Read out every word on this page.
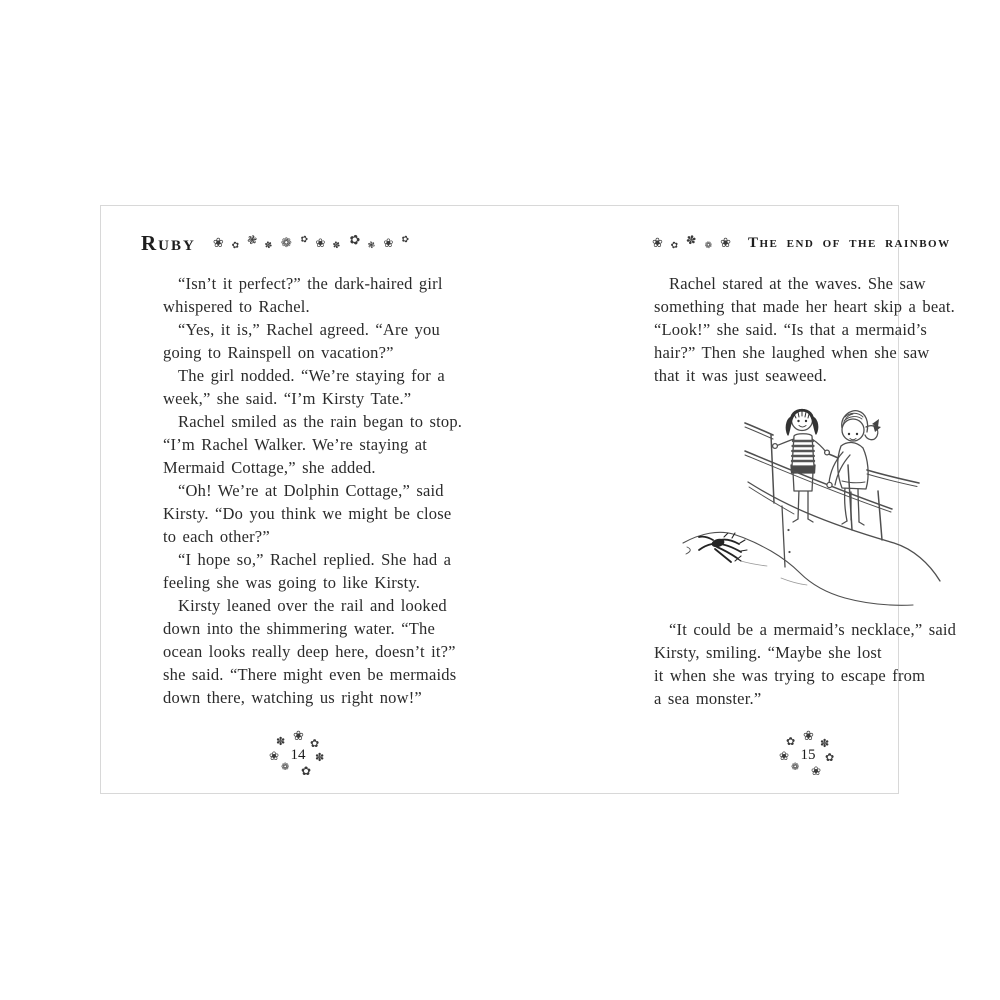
Ruby ❀ ✿ ❃ ✽ ❁ ✿ ❀ ✽ ✿ ❃ ❀ ✿
“Isn’t it perfect?” the dark-haired girl
whispered to Rachel.
“Yes, it is,” Rachel agreed. “Are you
going to Rainspell on vacation?”
The girl nodded. “We’re staying for a
week,” she said. “I’m Kirsty Tate.”
Rachel smiled as the rain began to stop.
“I’m Rachel Walker. We’re staying at
Mermaid Cottage,” she added.
“Oh! We’re at Dolphin Cottage,” said
Kirsty. “Do you think we might be close
to each other?”
“I hope so,” Rachel replied. She had a
feeling she was going to like Kirsty.
Kirsty leaned over the rail and looked
down into the shimmering water. “The
ocean looks really deep here, doesn’t it?”
she said. “There might even be mermaids
down there, watching us right now!”
✽ ❀ ✿
❀	✽
❁ ✿
14
❀ ✿ ✽ ❁ ❀ The end of the rainbow
Rachel stared at the waves. She saw
something that made her heart skip a beat.
“Look!” she said. “Is that a mermaid’s
hair?” Then she laughed when she saw
that it was just seaweed.
“It could be a mermaid’s necklace,” said
Kirsty, smiling. “Maybe she lost
it when she was trying to escape from
a sea monster.”
✿ ❀ ✽
❀	✿
❁ ❀
15
